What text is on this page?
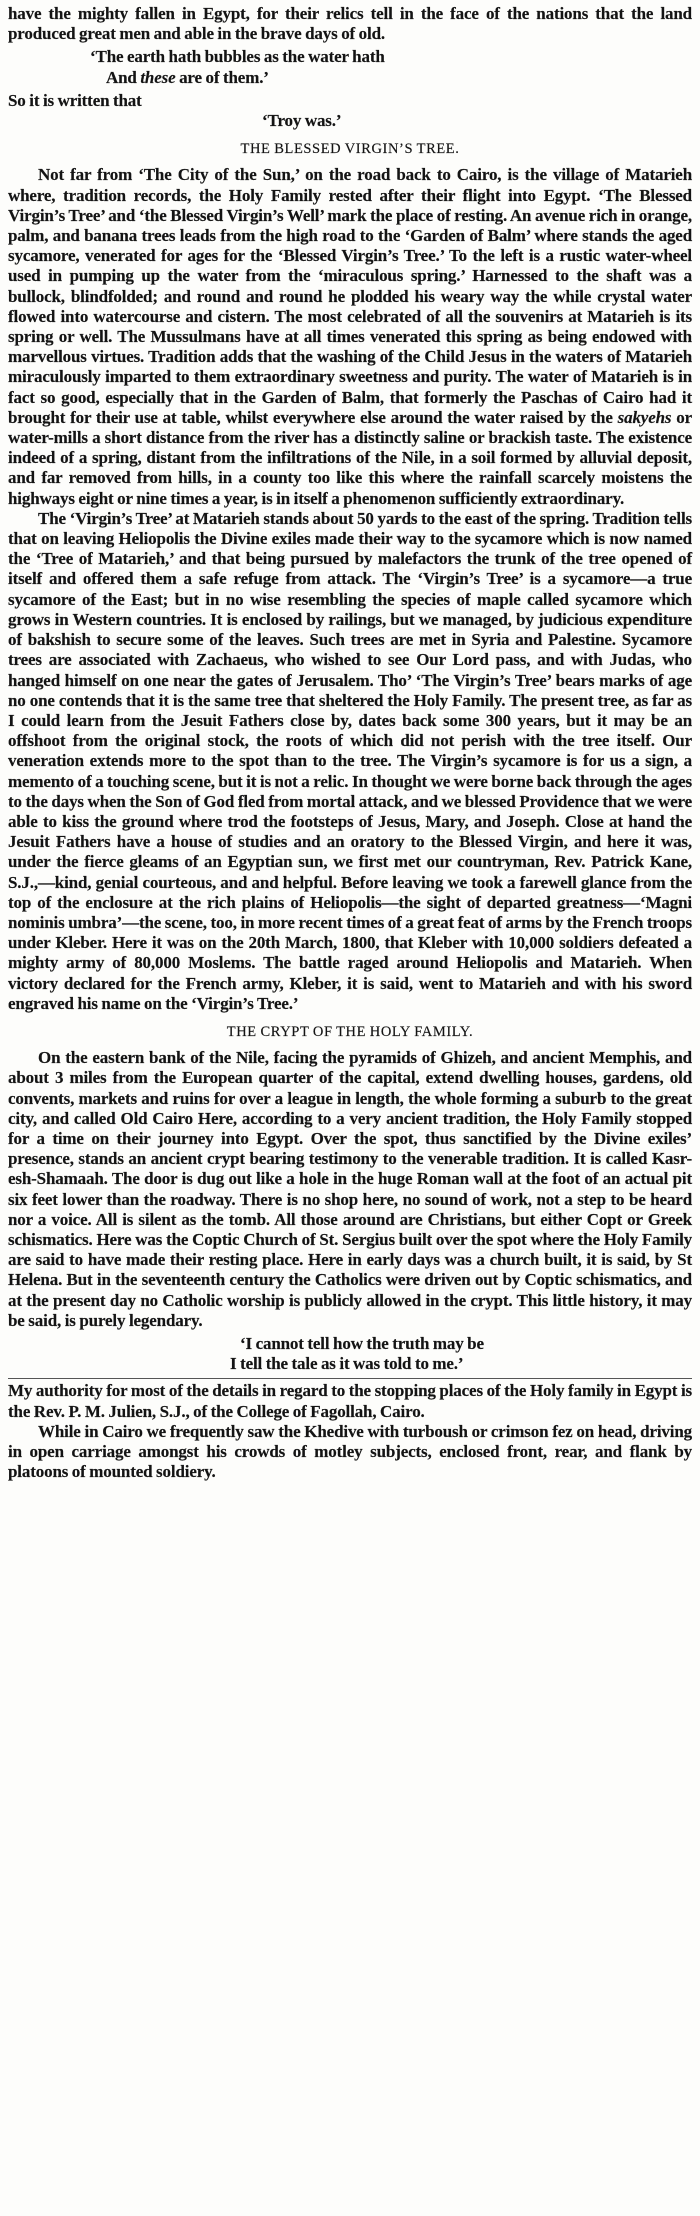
have the mighty fallen in Egypt, for their relics tell in the face of the nations that the land produced great men and able in the brave days of old.

‘The earth hath bubbles as the water hath
And these are of them.’

So it is written that

‘Troy was.’

THE BLESSED VIRGIN’S TREE.

Not far from ‘The City of the Sun,’ on the road back to Cairo, is the village of Matarieh where, tradition records, the Holy Family rested after their flight into Egypt. ‘The Blessed Virgin’s Tree’ and ‘the Blessed Virgin’s Well’ mark the place of resting. An avenue rich in orange, palm, and banana trees leads from the high road to the ‘Garden of Balm’ where stands the aged sycamore, venerated for ages for the ‘Blessed Virgin’s Tree.’ To the left is a rustic water-wheel used in pumping up the water from the ‘miraculous spring.’ Harnessed to the shaft was a bullock, blindfolded; and round and round he plodded his weary way the while crystal water flowed into watercourse and cistern. The most celebrated of all the souvenirs at Matarieh is its spring or well. The Mussulmans have at all times venerated this spring as being endowed with marvellous virtues. Tradition adds that the washing of the Child Jesus in the waters of Matarieh miraculously imparted to them extraordinary sweetness and purity. The water of Matarieh is in fact so good, especially that in the Garden of Balm, that formerly the Paschas of Cairo had it brought for their use at table, whilst everywhere else around the water raised by the sakyehs or water-mills a short distance from the river has a distinctly saline or brackish taste. The existence indeed of a spring, distant from the infiltrations of the Nile, in a soil formed by alluvial deposit, and far removed from hills, in a county too like this where the rainfall scarcely moistens the highways eight or nine times a year, is in itself a phenomenon sufficiently extraordinary.

The ‘Virgin’s Tree’ at Matarieh stands about 50 yards to the east of the spring. Tradition tells that on leaving Heliopolis the Divine exiles made their way to the sycamore which is now named the ‘Tree of Matarieh,’ and that being pursued by malefactors the trunk of the tree opened of itself and offered them a safe refuge from attack. The ‘Virgin’s Tree’ is a sycamore—a true sycamore of the East; but in no wise resembling the species of maple called sycamore which grows in Western countries. It is enclosed by railings, but we managed, by judicious expenditure of bakshish to secure some of the leaves. Such trees are met in Syria and Palestine. Sycamore trees are associated with Zachaeus, who wished to see Our Lord pass, and with Judas, who hanged himself on one near the gates of Jerusalem. Tho’ ‘The Virgin’s Tree’ bears marks of age no one contends that it is the same tree that sheltered the Holy Family. The present tree, as far as I could learn from the Jesuit Fathers close by, dates back some 300 years, but it may be an offshoot from the original stock, the roots of which did not perish with the tree itself. Our veneration extends more to the spot than to the tree. The Virgin’s sycamore is for us a sign, a memento of a touching scene, but it is not a relic. In thought we were borne back through the ages to the days when the Son of God fled from mortal attack, and we blessed Providence that we were able to kiss the ground where trod the footsteps of Jesus, Mary, and Joseph. Close at hand the Jesuit Fathers have a house of studies and an oratory to the Blessed Virgin, and here it was, under the fierce gleams of an Egyptian sun, we first met our countryman, Rev. Patrick Kane, S.J.,—kind, genial courteous, and and helpful. Before leaving we took a farewell glance from the top of the enclosure at the rich plains of Heliopolis—the sight of departed greatness—‘Magni nominis umbra’—the scene, too, in more recent times of a great feat of arms by the French troops under Kleber. Here it was on the 20th March, 1800, that Kleber with 10,000 soldiers defeated a mighty army of 80,000 Moslems. The battle raged around Heliopolis and Matarieh. When victory declared for the French army, Kleber, it is said, went to Matarieh and with his sword engraved his name on the ‘Virgin’s Tree.’

THE CRYPT OF THE HOLY FAMILY.

On the eastern bank of the Nile, facing the pyramids of Ghizeh, and ancient Memphis, and about 3 miles from the European quarter of the capital, extend dwelling houses, gardens, old convents, markets and ruins for over a league in length, the whole forming a suburb to the great city, and called Old Cairo Here, according to a very ancient tradition, the Holy Family stopped for a time on their journey into Egypt. Over the spot, thus sanctified by the Divine exiles’ presence, stands an ancient crypt bearing testimony to the venerable tradition. It is called Kasr-esh-Shamaah. The door is dug out like a hole in the huge Roman wall at the foot of an actual pit six feet lower than the roadway. There is no shop here, no sound of work, not a step to be heard nor a voice. All is silent as the tomb. All those around are Christians, but either Copt or Greek schismatics. Here was the Coptic Church of St. Sergius built over the spot where the Holy Family are said to have made their resting place. Here in early days was a church built, it is said, by St Helena. But in the seventeenth century the Catholics were driven out by Coptic schismatics, and at the present day no Catholic worship is publicly allowed in the crypt. This little history, it may be said, is purely legendary.

‘I cannot tell how the truth may be
I tell the tale as it was told to me.’

My authority for most of the details in regard to the stopping places of the Holy family in Egypt is the Rev. P. M. Julien, S.J., of the College of Fagollah, Cairo.

While in Cairo we frequently saw the Khedive with turboush or crimson fez on head, driving in open carriage amongst his crowds of motley subjects, enclosed front, rear, and flank by platoons of mounted soldiery.
